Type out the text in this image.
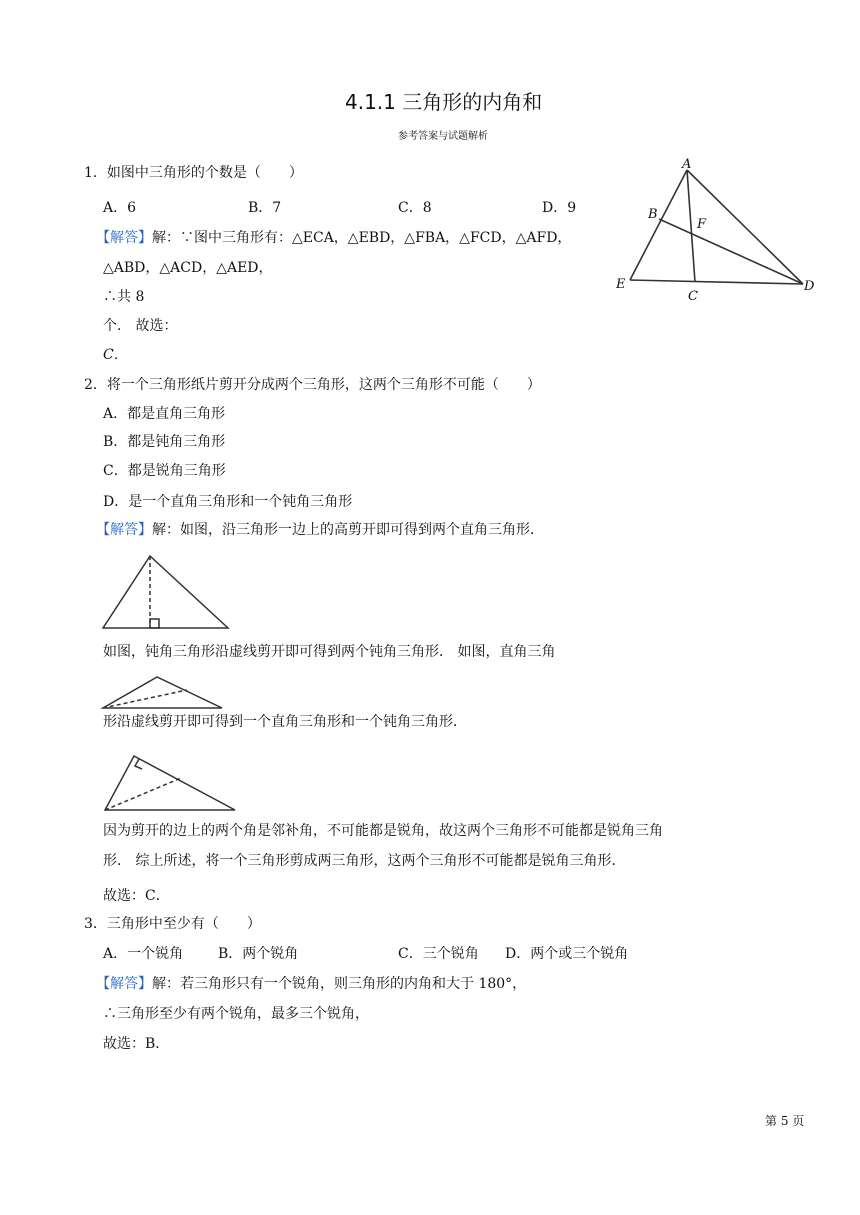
4.1.1 三角形的内角和
参考答案与试题解析
1．如图中三角形的个数是（　　）
A．6	B．7	C．8	D．9
【解答】解：∵图中三角形有：△ECA，△EBD，△FBA，△FCD，△AFD，
△ABD，△ACD，△AED，
∴共 8
个． 故选：
C．
A
B
F
E
C
D
2．将一个三角形纸片剪开分成两个三角形，这两个三角形不可能（　　）
A．都是直角三角形
B．都是钝角三角形
C．都是锐角三角形
D．是一个直角三角形和一个钝角三角形
【解答】解：如图，沿三角形一边上的高剪开即可得到两个直角三角形．
如图，钝角三角形沿虚线剪开即可得到两个钝角三角形． 如图，直角三角
形沿虚线剪开即可得到一个直角三角形和一个钝角三角形．
因为剪开的边上的两个角是邻补角，不可能都是锐角，故这两个三角形不可能都是锐角三角
形． 综上所述，将一个三角形剪成两三角形，这两个三角形不可能都是锐角三角形．
故选：C．
3．三角形中至少有（　　）
A．一个锐角 B．两个锐角	C．三个锐角 D．两个或三个锐角
【解答】解：若三角形只有一个锐角，则三角形的内角和大于 180°，
∴三角形至少有两个锐角，最多三个锐角，
故选：B．
第 5 页
